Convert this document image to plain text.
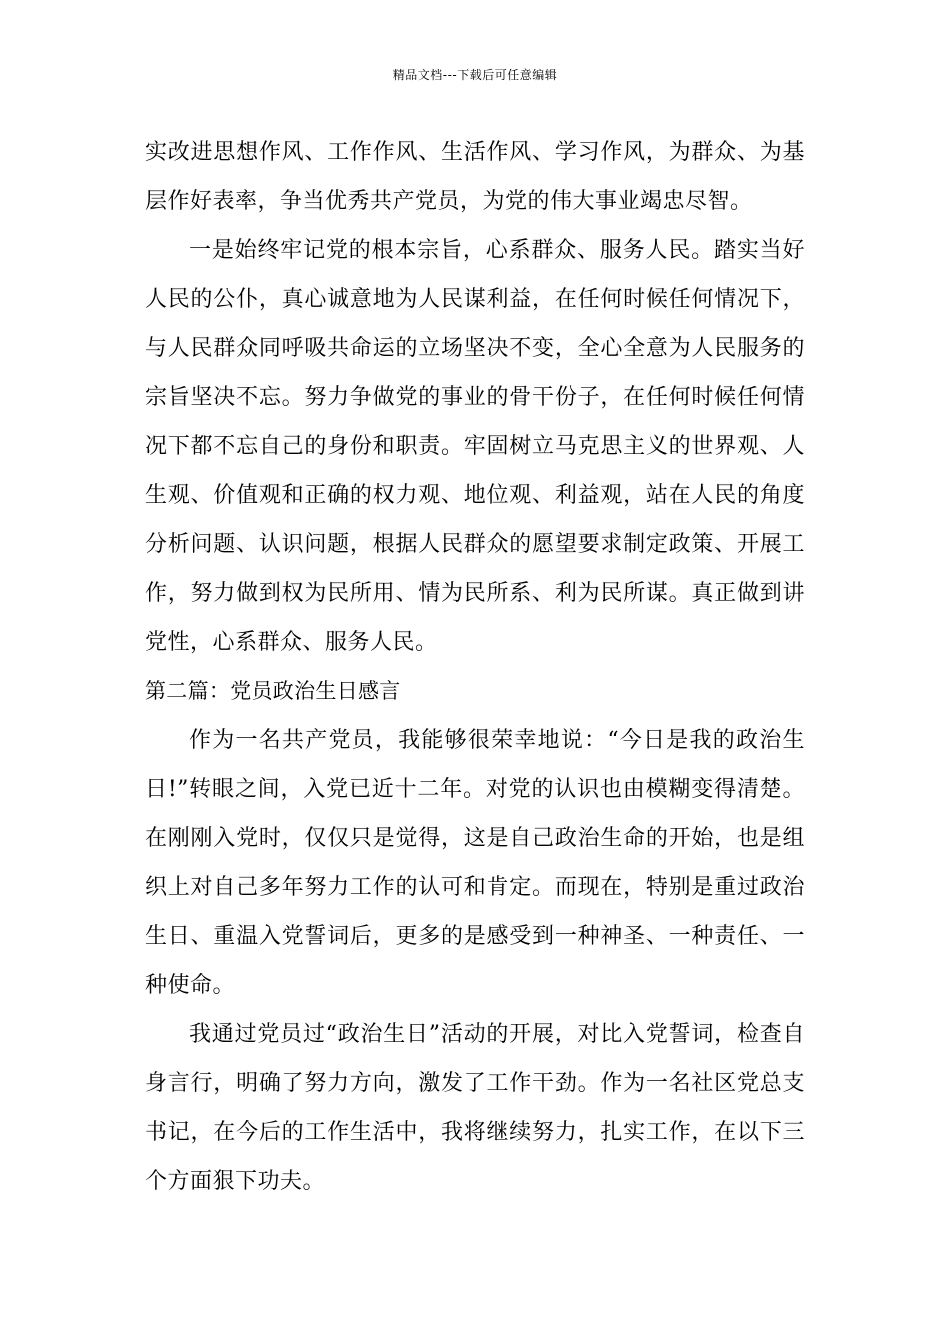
精品文档---下载后可任意编辑

实改进思想作风、工作作风、生活作风、学习作风，为群众、为基层作好表率，争当优秀共产党员，为党的伟大事业竭忠尽智。

一是始终牢记党的根本宗旨，心系群众、服务人民。踏实当好人民的公仆，真心诚意地为人民谋利益，在任何时候任何情况下，与人民群众同呼吸共命运的立场坚决不变，全心全意为人民服务的宗旨坚决不忘。努力争做党的事业的骨干份子，在任何时候任何情况下都不忘自己的身份和职责。牢固树立马克思主义的世界观、人生观、价值观和正确的权力观、地位观、利益观，站在人民的角度分析问题、认识问题，根据人民群众的愿望要求制定政策、开展工作，努力做到权为民所用、情为民所系、利为民所谋。真正做到讲党性，心系群众、服务人民。

第二篇：党员政治生日感言

作为一名共产党员，我能够很荣幸地说：“今日是我的政治生日!”转眼之间，入党已近十二年。对党的认识也由模糊变得清楚。在刚刚入党时，仅仅只是觉得，这是自己政治生命的开始，也是组织上对自己多年努力工作的认可和肯定。而现在，特别是重过政治生日、重温入党誓词后，更多的是感受到一种神圣、一种责任、一种使命。

我通过党员过“政治生日”活动的开展，对比入党誓词，检查自身言行，明确了努力方向，激发了工作干劲。作为一名社区党总支书记，在今后的工作生活中，我将继续努力，扎实工作，在以下三个方面狠下功夫。
